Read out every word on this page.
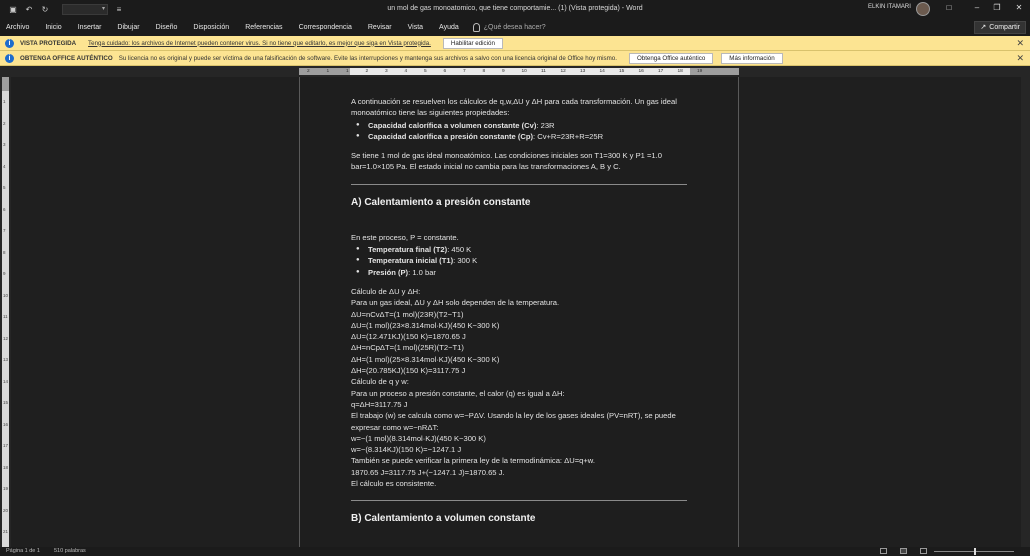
▣ ↶ ↻	▾	≡	un mol de gas monoatomico, que tiene comportamie... (1) (Vista protegida) - Word	ELKIN ITAMARI	□	–	❐	✕
Archivo	Inicio	Insertar	Dibujar	Diseño	Disposición	Referencias	Correspondencia	Revisar	Vista	Ayuda	¿Qué desea hacer?	↗ Compartir
i	VISTA PROTEGIDA Tenga cuidado: los archivos de Internet pueden contener virus. Si no tiene que editarlo, es mejor que siga en Vista protegida.	Habilitar edición	✕
i	OBTENGA OFFICE AUTÉNTICO Su licencia no es original y puede ser víctima de una falsificación de software. Evite las interrupciones y mantenga sus archivos a salvo con una licencia original de Office hoy mismo.	Obtenga Office auténtico	Más información	✕
2	1	1	2	3	4	5	6	7	8	9	10	11	12	13	14	15	16	17	18	19
1
2
3
4
5
6
7
8
9
10
11
12
13
14
15
16
17
18
19
20
21

A continuación se resuelven los cálculos de q,w,ΔU y ΔH para cada transformación. Un gas ideal monoatómico tiene las siguientes propiedades:

● Capacidad calorífica a volumen constante (Cv): 23R
● Capacidad calorífica a presión constante (Cp): Cv+R=23R+R=25R

Se tiene 1 mol de gas ideal monoatómico. Las condiciones iniciales son T1=300 K y P1 =1.0 bar=1.0×105 Pa. El estado inicial no cambia para las transformaciones A, B y C.

A) Calentamiento a presión constante

En este proceso, P = constante.

● Temperatura final (T2): 450 K
● Temperatura inicial (T1): 300 K
● Presión (P): 1.0 bar

Cálculo de ΔU y ΔH:

Para un gas ideal, ΔU y ΔH solo dependen de la temperatura.

ΔU=nCvΔT=(1 mol)(23R)(T2−T1)

ΔU=(1 mol)(23×8.314mol·KJ)(450 K−300 K)

ΔU=(12.471KJ)(150 K)=1870.65 J

ΔH=nCpΔT=(1 mol)(25R)(T2−T1)

ΔH=(1 mol)(25×8.314mol·KJ)(450 K−300 K)

ΔH=(20.785KJ)(150 K)=3117.75 J

Cálculo de q y w:

Para un proceso a presión constante, el calor (q) es igual a ΔH:

q=ΔH=3117.75 J

El trabajo (w) se calcula como w=−PΔV. Usando la ley de los gases ideales (PV=nRT), se puede expresar como w=−nRΔT:

w=−(1 mol)(8.314mol·KJ)(450 K−300 K)

w=−(8.314KJ)(150 K)=−1247.1 J

También se puede verificar la primera ley de la termodinámica: ΔU=q+w.

1870.65 J=3117.75 J+(−1247.1 J)=1870.65 J.

El cálculo es consistente.

B) Calentamiento a volumen constante

Página 1 de 1	510 palabras
